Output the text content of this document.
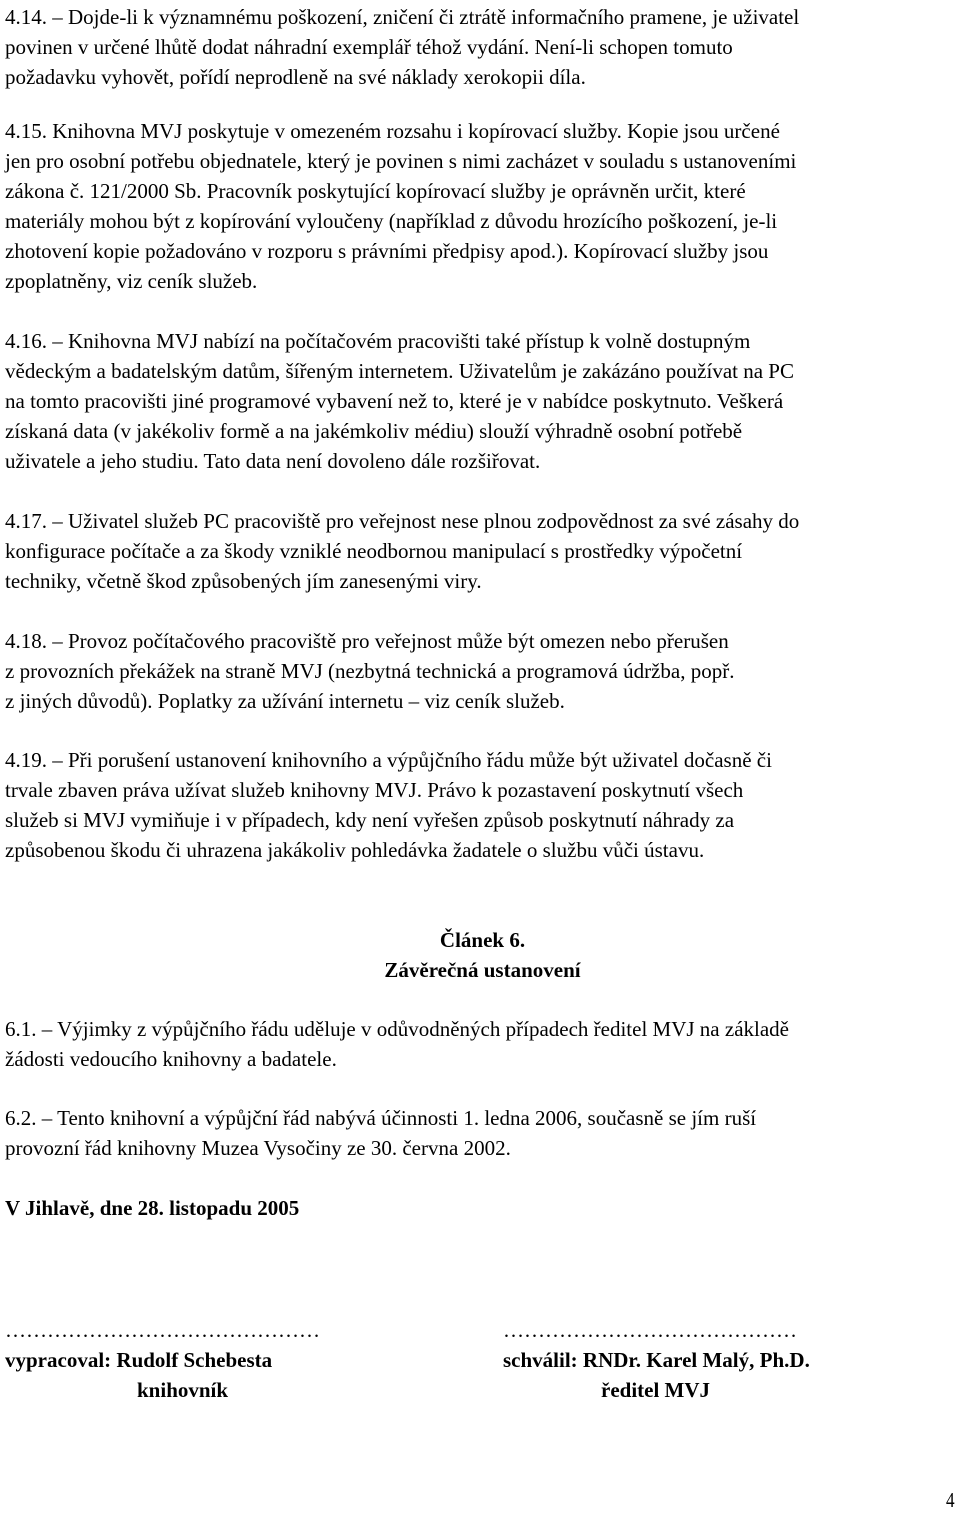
4.14. – Dojde-li k významnému poškození, zničení či ztrátě informačního pramene, je uživatel
povinen v určené lhůtě dodat náhradní exemplář téhož vydání. Není-li schopen tomuto
požadavku vyhovět, pořídí neprodleně na své náklady xerokopii díla.
4.15. Knihovna MVJ poskytuje v omezeném rozsahu i kopírovací služby. Kopie jsou určené
jen pro osobní potřebu objednatele, který je povinen s nimi zacházet v souladu s ustanoveními
zákona č. 121/2000 Sb. Pracovník poskytující kopírovací služby je oprávněn určit, které
materiály mohou být z kopírování vyloučeny (například z důvodu hrozícího poškození, je-li
zhotovení kopie požadováno v rozporu s právními předpisy apod.). Kopírovací služby jsou
zpoplatněny, viz ceník služeb.
4.16. – Knihovna MVJ nabízí na počítačovém pracovišti také přístup k volně dostupným
vědeckým a badatelským datům, šířeným internetem. Uživatelům je zakázáno používat na PC
na tomto pracovišti jiné programové vybavení než to, které je v nabídce poskytnuto. Veškerá
získaná data (v jakékoliv formě a na jakémkoliv médiu) slouží výhradně osobní potřebě
uživatele a jeho studiu. Tato data není dovoleno dále rozšiřovat.
4.17. – Uživatel služeb PC pracoviště pro veřejnost nese plnou zodpovědnost za své zásahy do
konfigurace počítače a za škody vzniklé neodbornou manipulací s prostředky výpočetní
techniky, včetně škod způsobených jím zanesenými viry.
4.18. – Provoz počítačového pracoviště pro veřejnost může být omezen nebo přerušen
z provozních překážek na straně MVJ (nezbytná technická a programová údržba, popř.
z jiných důvodů). Poplatky za užívání internetu – viz ceník služeb.
4.19. – Při porušení ustanovení knihovního a výpůjčního řádu může být uživatel dočasně či
trvale zbaven práva užívat služeb knihovny MVJ. Právo k pozastavení poskytnutí všech
služeb si MVJ vymiňuje i v případech, kdy není vyřešen způsob poskytnutí náhrady za
způsobenou škodu či uhrazena jakákoliv pohledávka žadatele o službu vůči ústavu.
6.1. – Výjimky z výpůjčního řádu uděluje v odůvodněných případech ředitel MVJ na základě
žádosti vedoucího knihovny a badatele.
6.2. – Tento knihovní a výpůjční řád nabývá účinnosti 1. ledna 2006, současně se jím ruší
provozní řád knihovny Muzea Vysočiny ze 30. června 2002.
Článek 6.
Závěrečná ustanovení
V Jihlavě, dne 28. listopadu 2005
………………………………………	……………………………………
vypracoval: Rudolf Schebesta	schválil: RNDr. Karel Malý, Ph.D.
knihovník	ředitel MVJ
4
